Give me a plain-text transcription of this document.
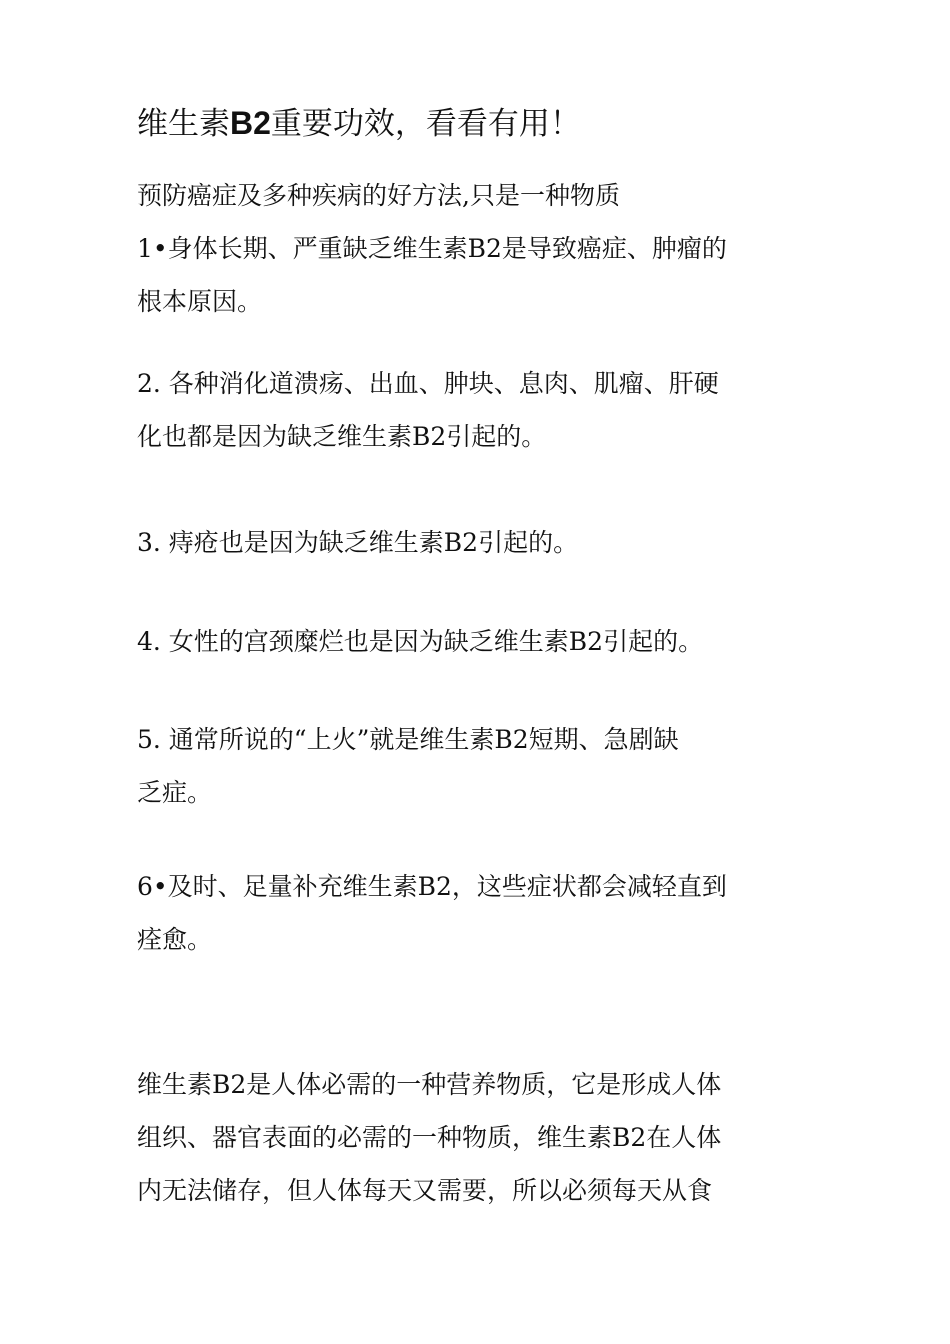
维生素B2重要功效，看看有用！

预防癌症及多种疾病的好方法,只是一种物质
1•身体长期、严重缺乏维生素B2是导致癌症、肿瘤的
根本原因。

2. 各种消化道溃疡、出血、肿块、息肉、肌瘤、肝硬
化也都是因为缺乏维生素B2引起的。

3. 痔疮也是因为缺乏维生素B2引起的。

4. 女性的宫颈糜烂也是因为缺乏维生素B2引起的。

5. 通常所说的“上火”就是维生素B2短期、急剧缺
乏症。

6•及时、足量补充维生素B2，这些症状都会减轻直到
痊愈。

维生素B2是人体必需的一种营养物质，它是形成人体
组织、器官表面的必需的一种物质，维生素B2在人体
内无法储存，但人体每天又需要，所以必须每天从食
